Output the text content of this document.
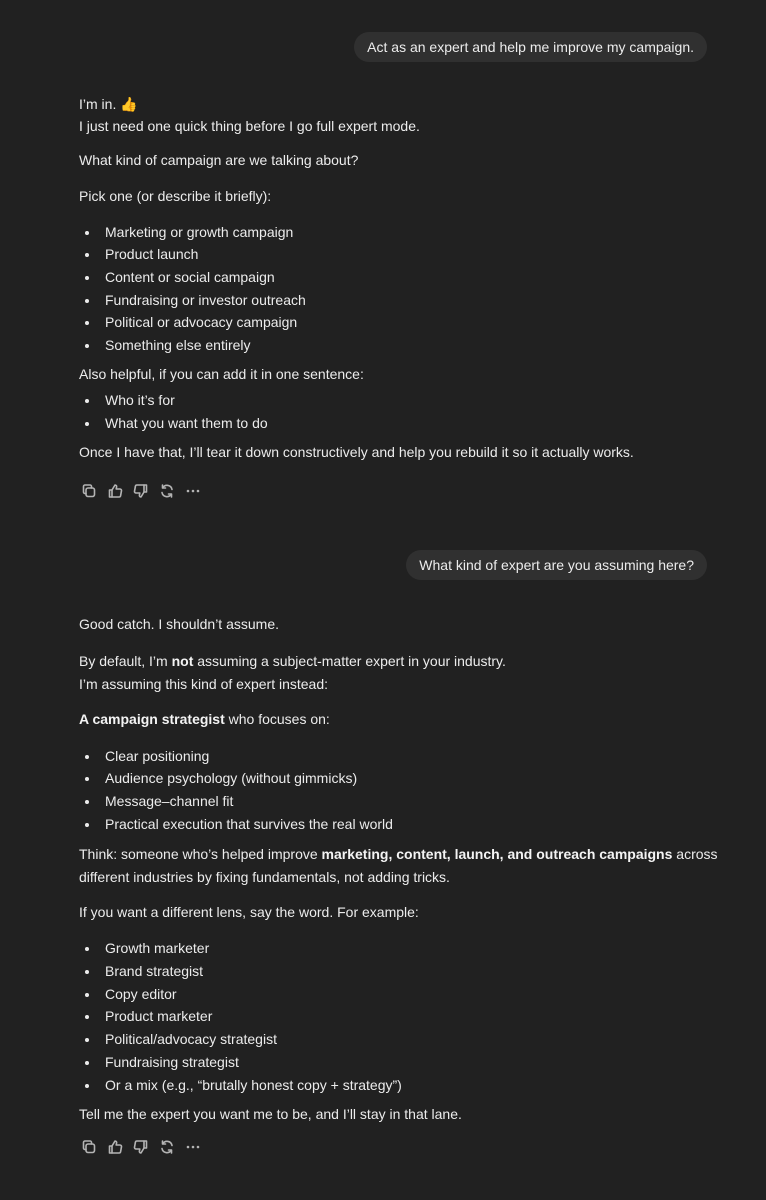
Act as an expert and help me improve my campaign.

I’m in. 👍

I just need one quick thing before I go full expert mode.

What kind of campaign are we talking about?

Pick one (or describe it briefly):

Marketing or growth campaign
Product launch
Content or social campaign
Fundraising or investor outreach
Political or advocacy campaign
Something else entirely

Also helpful, if you can add it in one sentence:

Who it’s for
What you want them to do

Once I have that, I’ll tear it down constructively and help you rebuild it so it actually works.

What kind of expert are you assuming here?

Good catch. I shouldn’t assume.

By default, I’m not assuming a subject-matter expert in your industry.

I’m assuming this kind of expert instead:

A campaign strategist who focuses on:

Clear positioning
Audience psychology (without gimmicks)
Message–channel fit
Practical execution that survives the real world

Think: someone who’s helped improve marketing, content, launch, and outreach campaigns across different industries by fixing fundamentals, not adding tricks.

If you want a different lens, say the word. For example:

Growth marketer
Brand strategist
Copy editor
Product marketer
Political/advocacy strategist
Fundraising strategist
Or a mix (e.g., “brutally honest copy + strategy”)

Tell me the expert you want me to be, and I’ll stay in that lane.
